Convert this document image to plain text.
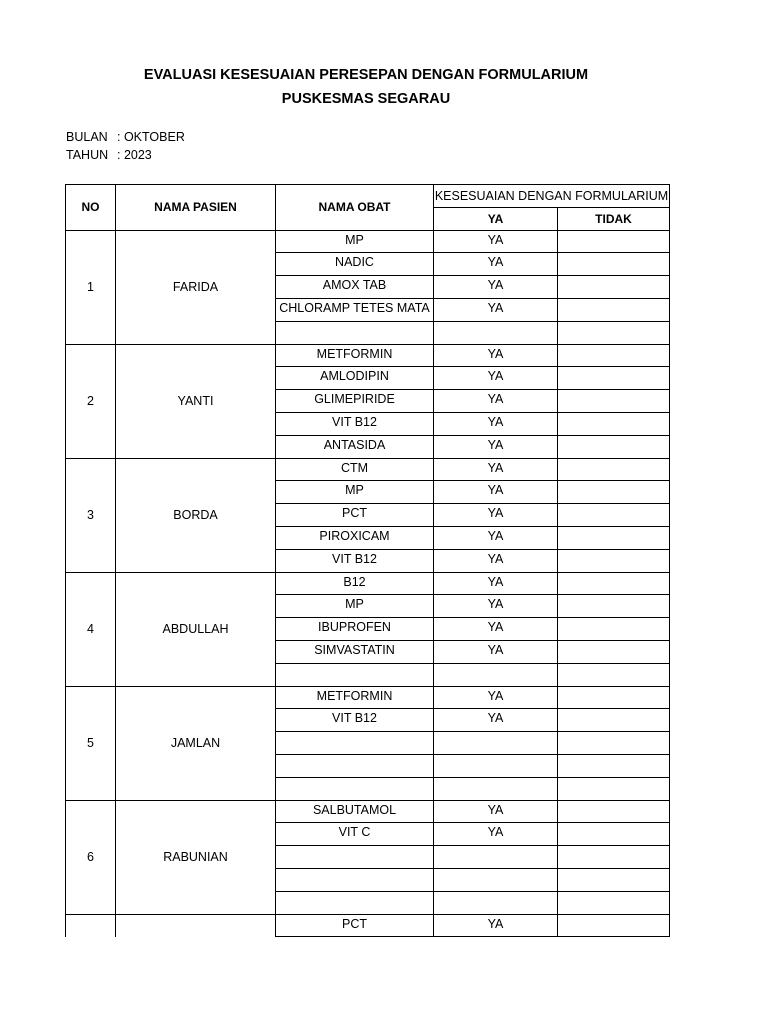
EVALUASI KESESUAIAN PERESEPAN DENGAN FORMULARIUM
PUSKESMAS SEGARAU
BULAN : OKTOBER
TAHUN : 2023
NO	NAMA PASIEN	NAMA OBAT	KESESUAIAN DENGAN FORMULARIUM	
			YA	TIDAK
1	FARIDA	MP	YA	
		NADIC	YA	
		AMOX TAB	YA	
		CHLORAMP TETES MATA	YA	

2	YANTI	METFORMIN	YA	
		AMLODIPIN	YA	
		GLIMEPIRIDE	YA	
		VIT B12	YA	
		ANTASIDA	YA	
3	BORDA	CTM	YA	
		MP	YA	
		PCT	YA	
		PIROXICAM	YA	
		VIT B12	YA	
4	ABDULLAH	B12	YA	
		MP	YA	
		IBUPROFEN	YA	
		SIMVASTATIN	YA	

5	JAMLAN	METFORMIN	YA	
		VIT B12	YA	

6	RABUNIAN	SALBUTAMOL	YA	
		VIT C	YA	

		PCT	YA	
